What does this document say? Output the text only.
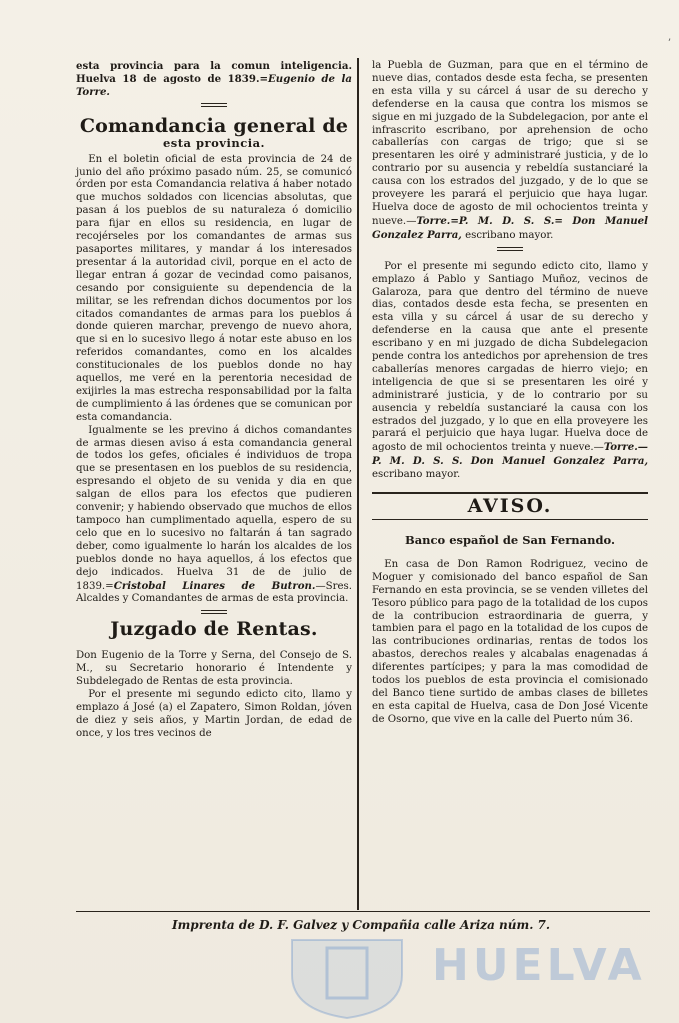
’

esta provincia para la comun inteligencia. Huelva 18 de agosto de 1839.=Eugenio de la Torre.

Comandancia general de
esta provincia.

En el boletin oficial de esta provincia de 24 de junio del año próximo pasado núm. 25, se comunicó órden por esta Comandancia relativa á haber notado que muchos soldados con licencias absolutas, que pasan á los pueblos de su naturaleza ó domicilio para fijar en ellos su residencia, en lugar de recojérseles por los comandantes de armas sus pasaportes militares, y mandar á los interesados presentar á la autoridad civil, porque en el acto de llegar entran á gozar de vecindad como paisanos, cesando por consiguiente su dependencia de la militar, se les refrendan dichos documentos por los citados comandantes de armas para los pueblos á donde quieren marchar, prevengo de nuevo ahora, que si en lo sucesivo llego á notar este abuso en los referidos comandantes, como en los alcaldes constitucionales de los pueblos donde no hay aquellos, me veré en la perentoria necesidad de exijirles la mas estrecha responsabilidad por la falta de cumplimiento á las órdenes que se comunican por esta comandancia.

Igualmente se les previno á dichos comandantes de armas diesen aviso á esta comandancia general de todos los gefes, oficiales é individuos de tropa que se presentasen en los pueblos de su residencia, espresando el objeto de su venida y dia en que salgan de ellos para los efectos que pudieren convenir; y habiendo observado que muchos de ellos tampoco han cumplimentado aquella, espero de su celo que en lo sucesivo no faltarán á tan sagrado deber, como igualmente lo harán los alcaldes de los pueblos donde no haya aquellos, á los efectos que dejo indicados. Huelva 31 de de julio de 1839.=Cristobal Linares de Butron.—Sres. Alcaldes y Comandantes de armas de esta provincia.

Juzgado de Rentas.

Don Eugenio de la Torre y Serna, del Consejo de S. M., su Secretario honorario é Intendente y Subdelegado de Rentas de esta provincia.

Por el presente mi segundo edicto cito, llamo y emplazo á José (a) el Zapatero, Simon Roldan, jóven de diez y seis años, y Martin Jordan, de edad de once, y los tres vecinos de

la Puebla de Guzman, para que en el término de nueve dias, contados desde esta fecha, se presenten en esta villa y su cárcel á usar de su derecho y defenderse en la causa que contra los mismos se sigue en mi juzgado de la Subdelegacion, por ante el infrascrito escribano, por aprehension de ocho caballerías con cargas de trigo; que si se presentaren les oiré y administraré justicia, y de lo contrario por su ausencia y rebeldía sustanciaré la causa con los estrados del juzgado, y de lo que se proveyere les parará el perjuicio que haya lugar. Huelva doce de agosto de mil ochocientos treinta y nueve.—Torre.=P. M. D. S. S.= Don Manuel Gonzalez Parra, escribano mayor.

Por el presente mi segundo edicto cito, llamo y emplazo á Pablo y Santiago Muñoz, vecinos de Galaroza, para que dentro del término de nueve dias, contados desde esta fecha, se presenten en esta villa y su cárcel á usar de su derecho y defenderse en la causa que ante el presente escribano y en mi juzgado de dicha Subdelegacion pende contra los antedichos por aprehension de tres caballerías menores cargadas de hierro viejo; en inteligencia de que si se presentaren les oiré y administraré justicia, y de lo contrario por su ausencia y rebeldía sustanciaré la causa con los estrados del juzgado, y lo que en ella proveyere les parará el perjuicio que haya lugar. Huelva doce de agosto de mil ochocientos treinta y nueve.—Torre.—P. M. D. S. S. Don Manuel Gonzalez Parra, escribano mayor.

AVISO.
Banco español de San Fernando.

En casa de Don Ramon Rodriguez, vecino de Moguer y comisionado del banco español de San Fernando en esta provincia, se se venden villetes del Tesoro público para pago de la totalidad de los cupos de la contribucion estraordinaria de guerra, y tambien para el pago en la totalidad de los cupos de las contribuciones ordinarias, rentas de todos los abastos, derechos reales y alcabalas enagenadas á diferentes partícipes; y para la mas comodidad de todos los pueblos de esta provincia el comisionado del Banco tiene surtido de ambas clases de billetes en esta capital de Huelva, casa de Don José Vicente de Osorno, que vive en la calle del Puerto núm 36.

Imprenta de D. F. Galvez y Compañia calle Ariza núm. 7.
HUELVA
